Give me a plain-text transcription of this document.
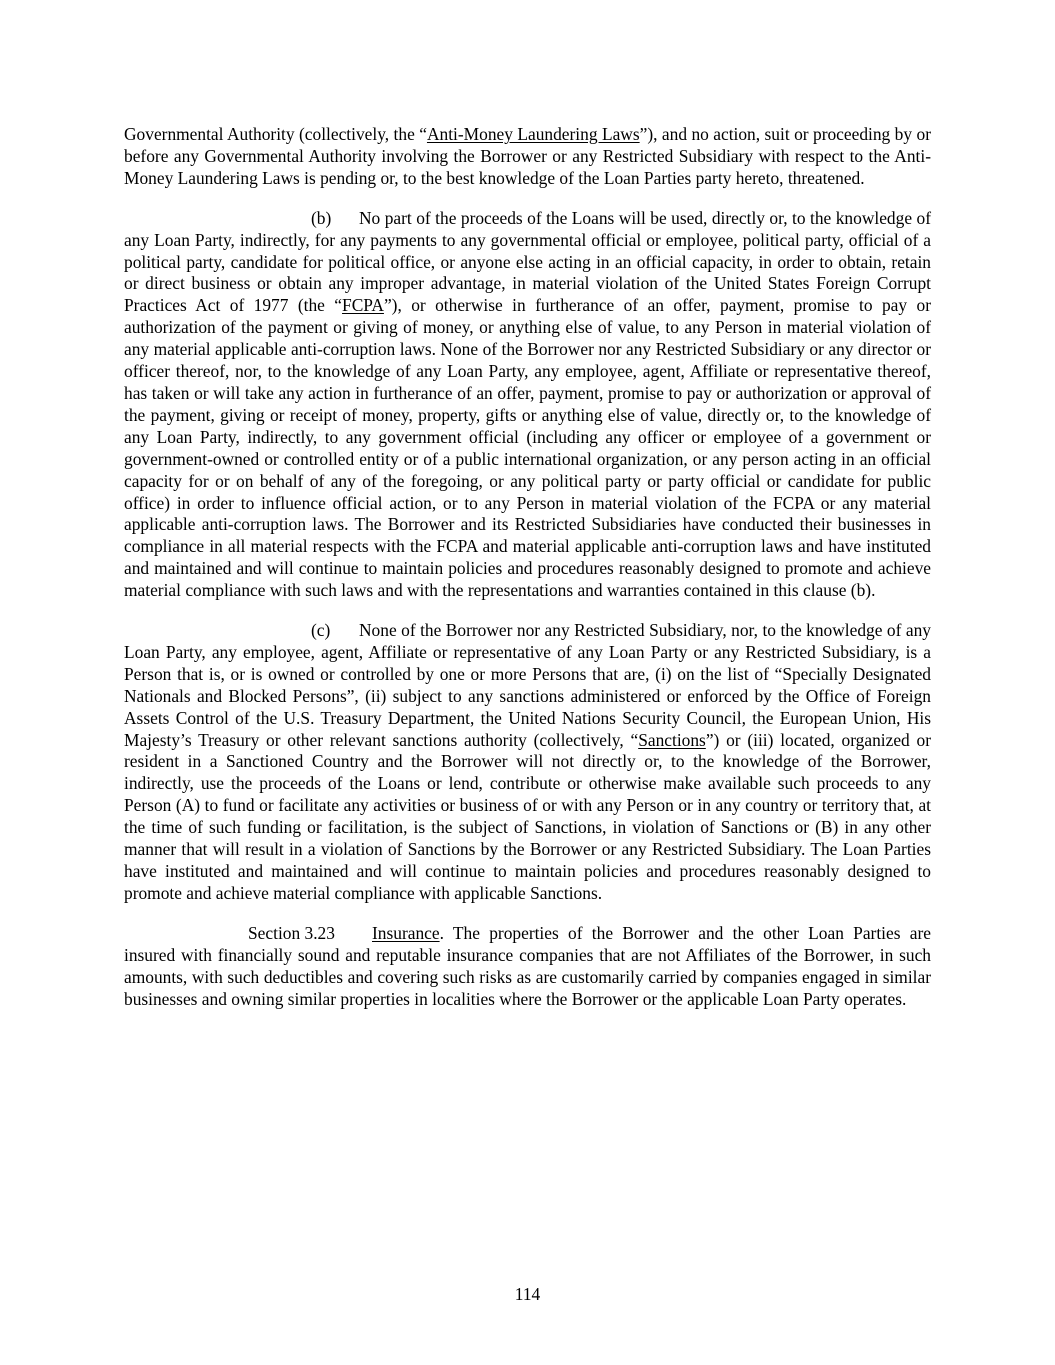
Governmental Authority (collectively, the “Anti-Money Laundering Laws”), and no action, suit or proceeding by or before any Governmental Authority involving the Borrower or any Restricted Subsidiary with respect to the Anti-Money Laundering Laws is pending or, to the best knowledge of the Loan Parties party hereto, threatened.

(b) No part of the proceeds of the Loans will be used, directly or, to the knowledge of any Loan Party, indirectly, for any payments to any governmental official or employee, political party, official of a political party, candidate for political office, or anyone else acting in an official capacity, in order to obtain, retain or direct business or obtain any improper advantage, in material violation of the United States Foreign Corrupt Practices Act of 1977 (the “FCPA”), or otherwise in furtherance of an offer, payment, promise to pay or authorization of the payment or giving of money, or anything else of value, to any Person in material violation of any material applicable anti-corruption laws. None of the Borrower nor any Restricted Subsidiary or any director or officer thereof, nor, to the knowledge of any Loan Party, any employee, agent, Affiliate or representative thereof, has taken or will take any action in furtherance of an offer, payment, promise to pay or authorization or approval of the payment, giving or receipt of money, property, gifts or anything else of value, directly or, to the knowledge of any Loan Party, indirectly, to any government official (including any officer or employee of a government or government-owned or controlled entity or of a public international organization, or any person acting in an official capacity for or on behalf of any of the foregoing, or any political party or party official or candidate for public office) in order to influence official action, or to any Person in material violation of the FCPA or any material applicable anti-corruption laws. The Borrower and its Restricted Subsidiaries have conducted their businesses in compliance in all material respects with the FCPA and material applicable anti-corruption laws and have instituted and maintained and will continue to maintain policies and procedures reasonably designed to promote and achieve material compliance with such laws and with the representations and warranties contained in this clause (b).

(c) None of the Borrower nor any Restricted Subsidiary, nor, to the knowledge of any Loan Party, any employee, agent, Affiliate or representative of any Loan Party or any Restricted Subsidiary, is a Person that is, or is owned or controlled by one or more Persons that are, (i) on the list of “Specially Designated Nationals and Blocked Persons”, (ii) subject to any sanctions administered or enforced by the Office of Foreign Assets Control of the U.S. Treasury Department, the United Nations Security Council, the European Union, His Majesty’s Treasury or other relevant sanctions authority (collectively, “Sanctions”) or (iii) located, organized or resident in a Sanctioned Country and the Borrower will not directly or, to the knowledge of the Borrower, indirectly, use the proceeds of the Loans or lend, contribute or otherwise make available such proceeds to any Person (A) to fund or facilitate any activities or business of or with any Person or in any country or territory that, at the time of such funding or facilitation, is the subject of Sanctions, in violation of Sanctions or (B) in any other manner that will result in a violation of Sanctions by the Borrower or any Restricted Subsidiary. The Loan Parties have instituted and maintained and will continue to maintain policies and procedures reasonably designed to promote and achieve material compliance with applicable Sanctions.

Section 3.23 Insurance. The properties of the Borrower and the other Loan Parties are insured with financially sound and reputable insurance companies that are not Affiliates of the Borrower, in such amounts, with such deductibles and covering such risks as are customarily carried by companies engaged in similar businesses and owning similar properties in localities where the Borrower or the applicable Loan Party operates.

114
